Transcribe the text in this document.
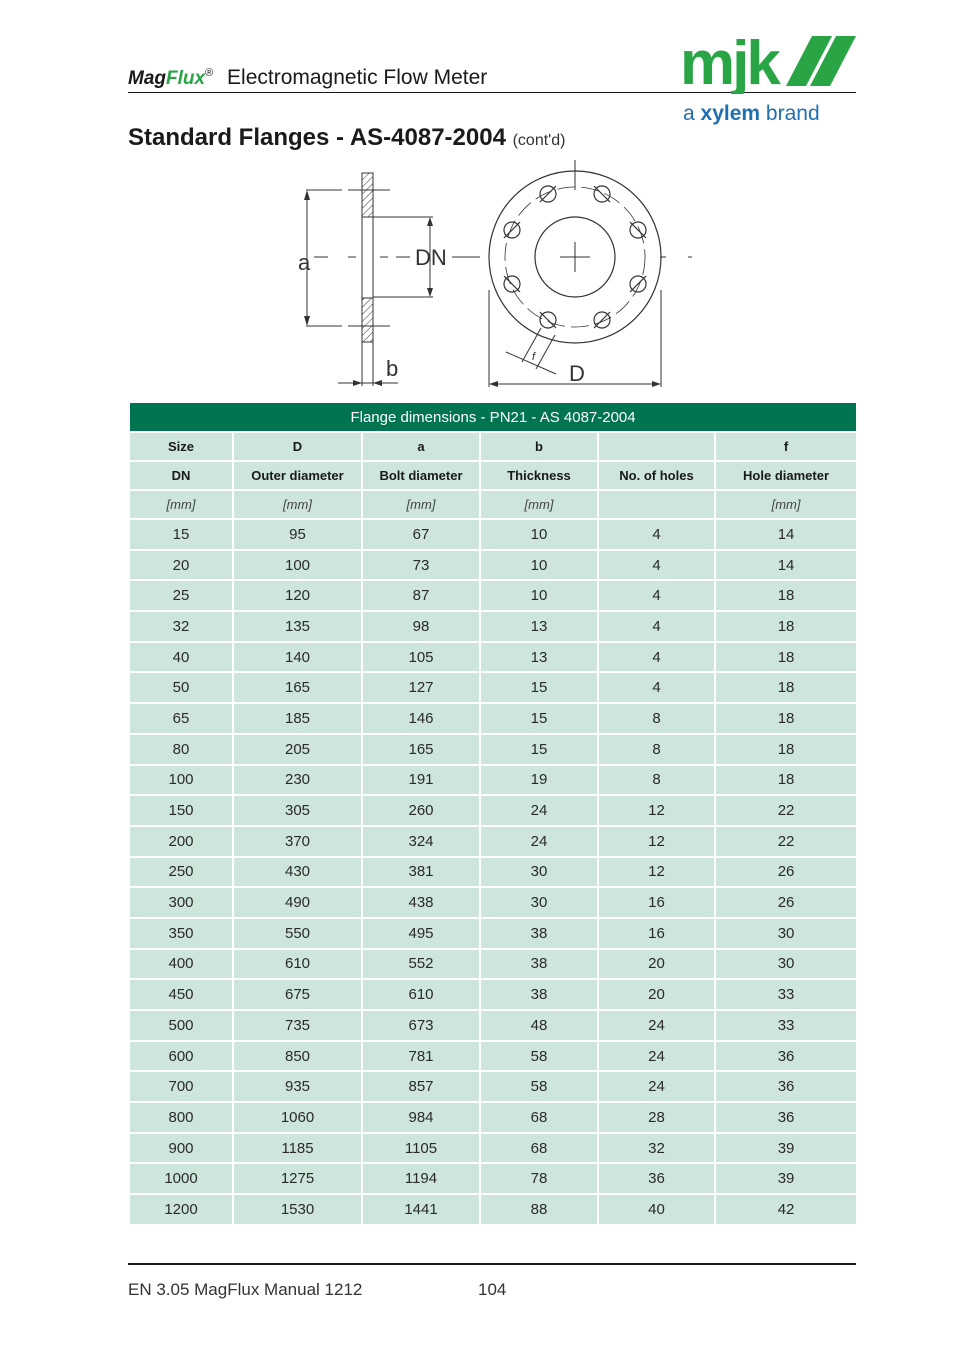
MagFlux® Electromagnetic Flow Meter	mjk
a xylem brand
Standard Flanges - AS-4087-2004 (cont'd)
a	DN
b	f
D
Flange dimensions - PN21 - AS 4087-2004					
Size	D	a	b		f
DN	Outer diameter	Bolt diameter	Thickness	No. of holes	Hole diameter
[mm]	[mm]	[mm]	[mm]		[mm]
15	95	67	10	4	14
20	100	73	10	4	14
25	120	87	10	4	18
32	135	98	13	4	18
40	140	105	13	4	18
50	165	127	15	4	18
65	185	146	15	8	18
80	205	165	15	8	18
100	230	191	19	8	18
150	305	260	24	12	22
200	370	324	24	12	22
250	430	381	30	12	26
300	490	438	30	16	26
350	550	495	38	16	30
400	610	552	38	20	30
450	675	610	38	20	33
500	735	673	48	24	33
600	850	781	58	24	36
700	935	857	58	24	36
800	1060	984	68	28	36
900	1185	1105	68	32	39
1000	1275	1194	78	36	39
1200	1530	1441	88	40	42
EN 3.05 MagFlux Manual 1212	104
